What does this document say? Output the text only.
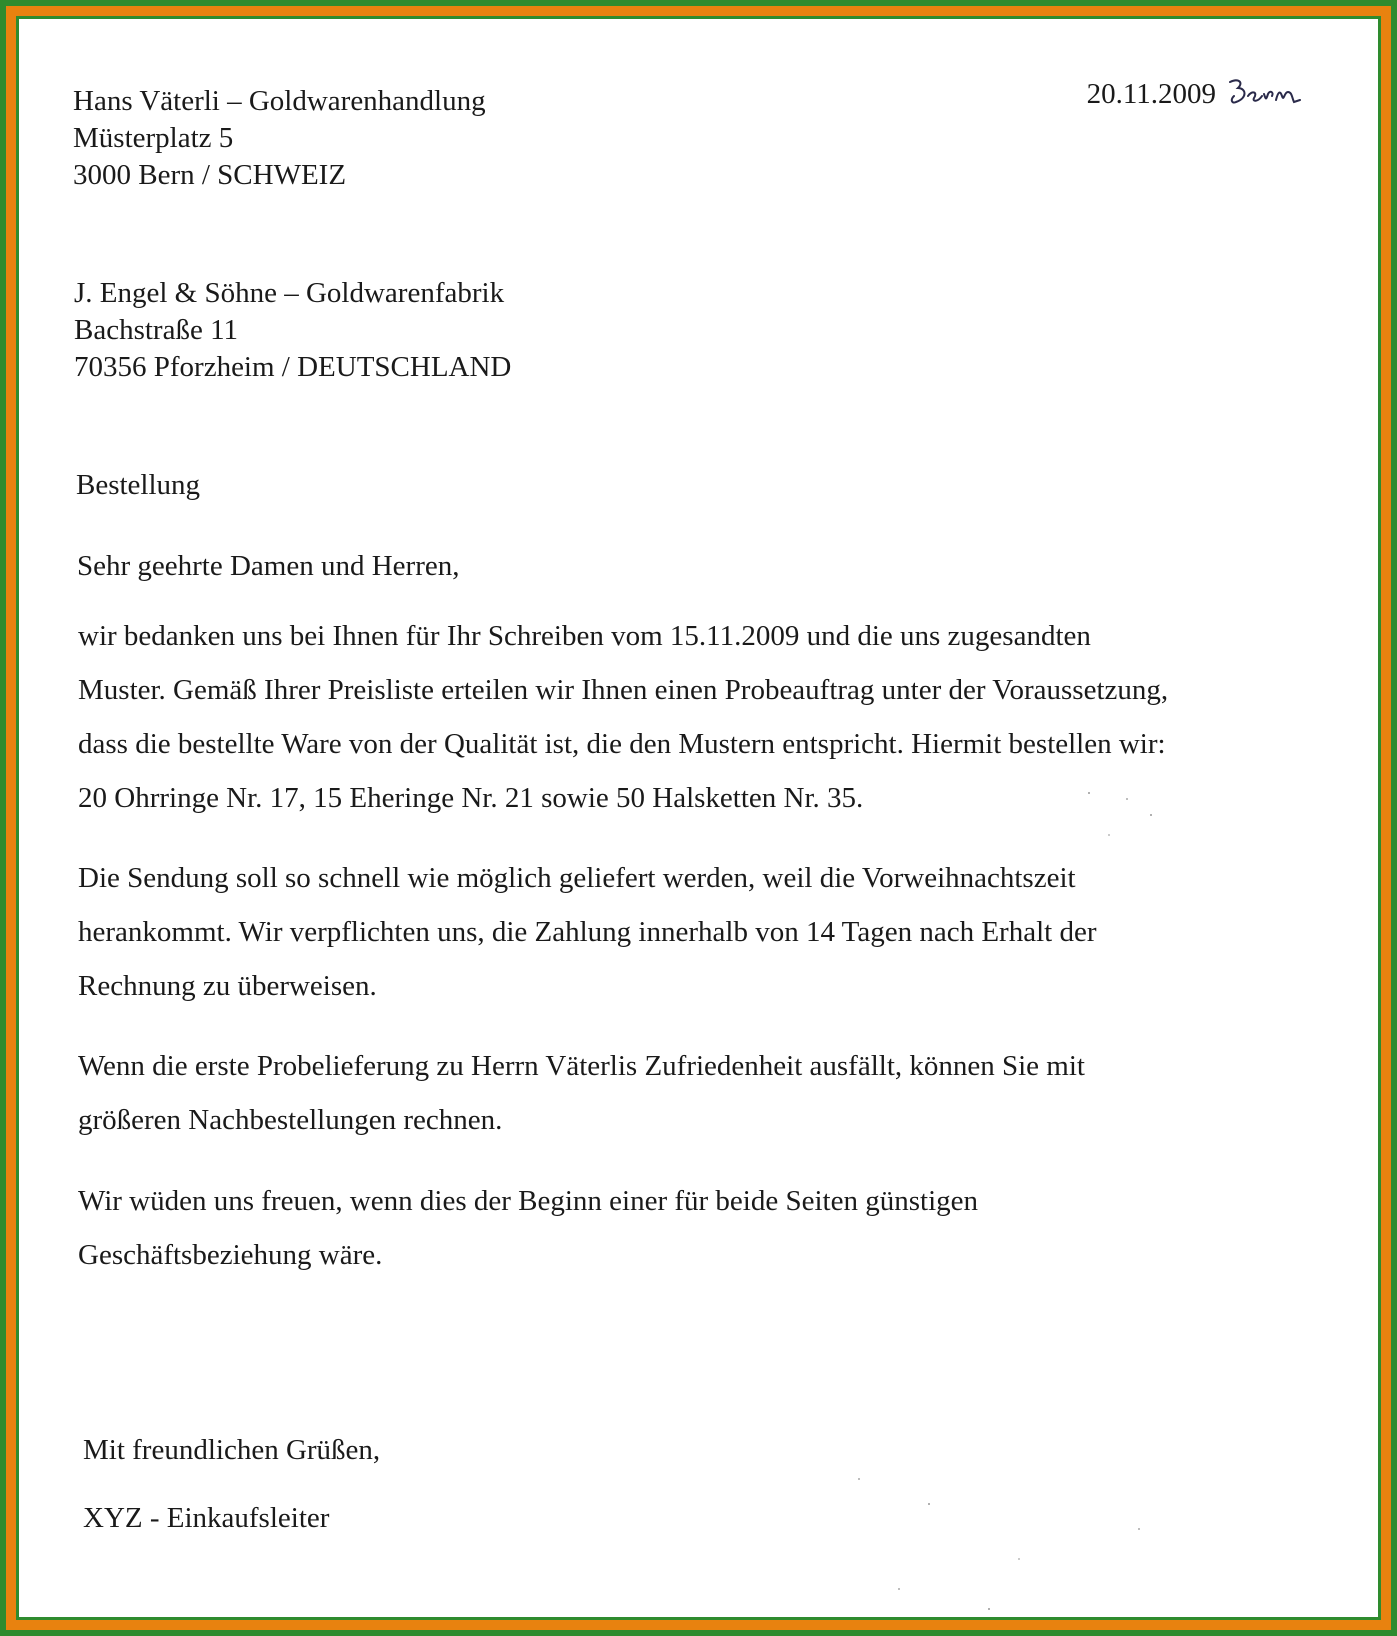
Hans Väterli – Goldwarenhandlung
Müsterplatz 5
3000 Bern / SCHWEIZ
20.11.2009
J. Engel & Söhne – Goldwarenfabrik
Bachstraße 11
70356 Pforzheim / DEUTSCHLAND
Bestellung
Sehr geehrte Damen und Herren,
wir bedanken uns bei Ihnen für Ihr Schreiben vom 15.11.2009 und die uns zugesandten
Muster. Gemäß Ihrer Preisliste erteilen wir Ihnen einen Probeauftrag unter der Voraussetzung,
dass die bestellte Ware von der Qualität ist, die den Mustern entspricht. Hiermit bestellen wir:
20 Ohrringe Nr. 17, 15 Eheringe Nr. 21 sowie 50 Halsketten Nr. 35.
Die Sendung soll so schnell wie möglich geliefert werden, weil die Vorweihnachtszeit
herankommt. Wir verpflichten uns, die Zahlung innerhalb von 14 Tagen nach Erhalt der
Rechnung zu überweisen.
Wenn die erste Probelieferung zu Herrn Väterlis Zufriedenheit ausfällt, können Sie mit
größeren Nachbestellungen rechnen.
Wir wüden uns freuen, wenn dies der Beginn einer für beide Seiten günstigen
Geschäftsbeziehung wäre.
Mit freundlichen Grüßen,
XYZ - Einkaufsleiter
